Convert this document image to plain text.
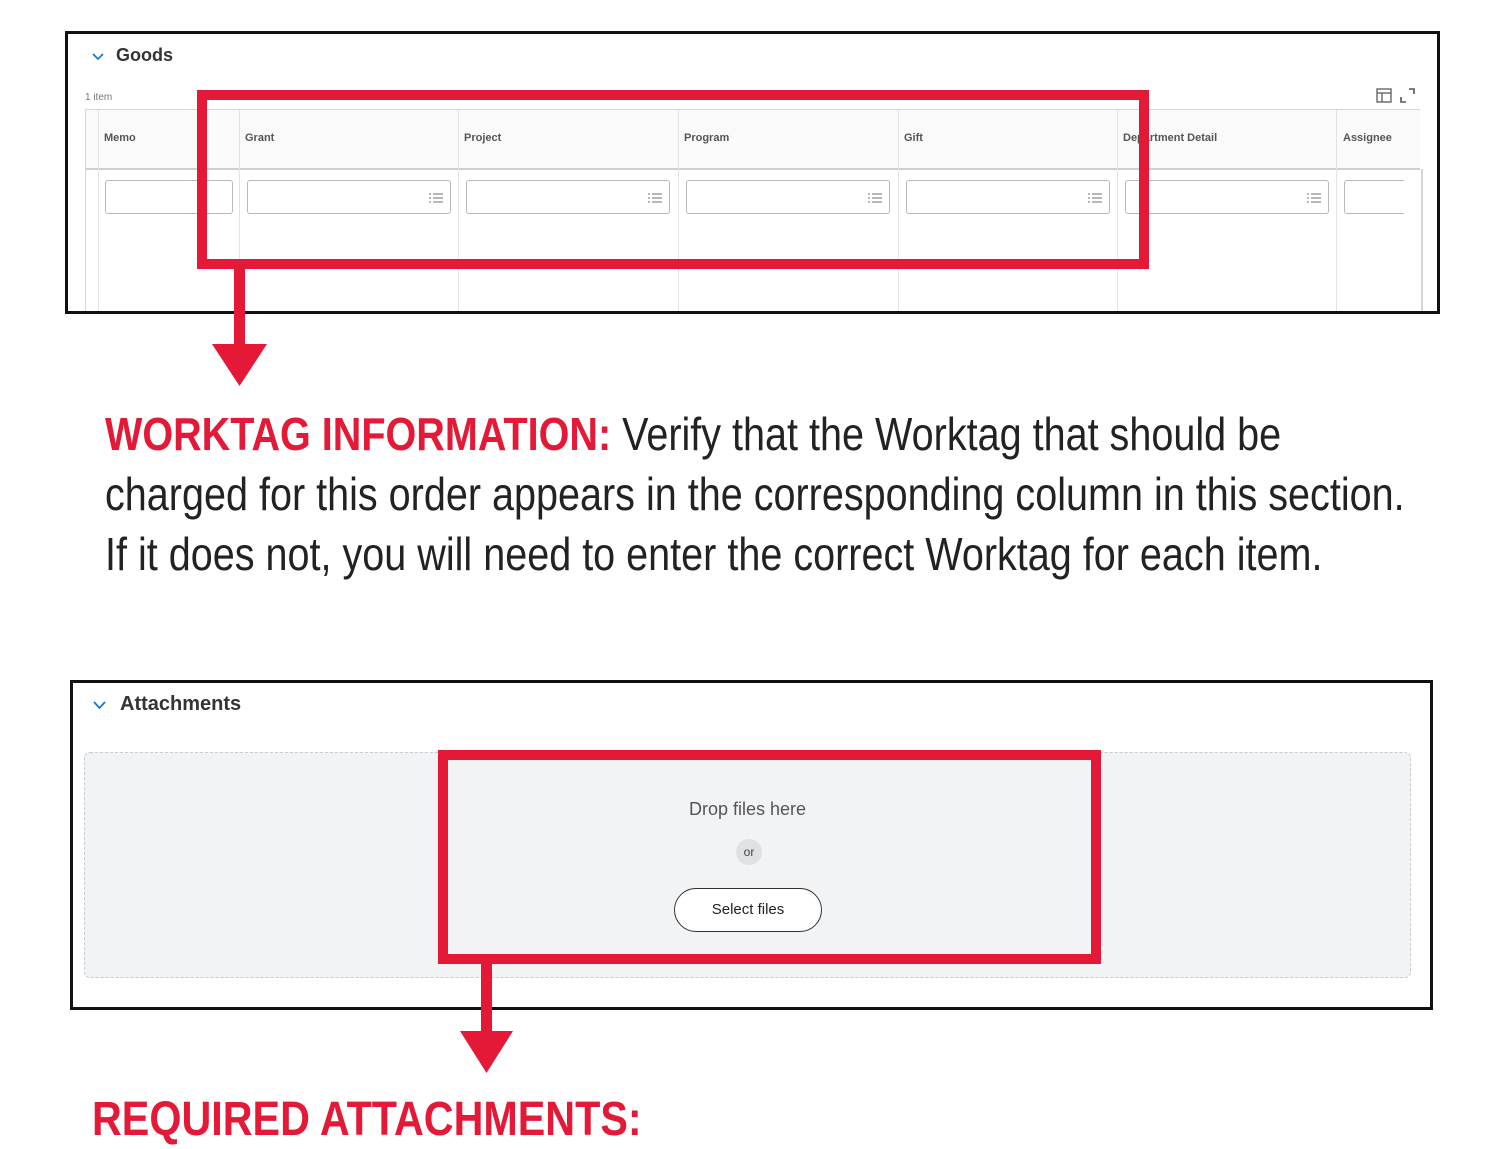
Goods
1 item
Memo	Grant	Project	Program	Gift	Department Detail	Assignee
WORKTAG INFORMATION: Verify that the Worktag that should be charged for this order appears in the corresponding column in this section. If it does not, you will need to enter the correct Worktag for each item.
Attachments
Drop files here
or
Select files
REQUIRED ATTACHMENTS:
